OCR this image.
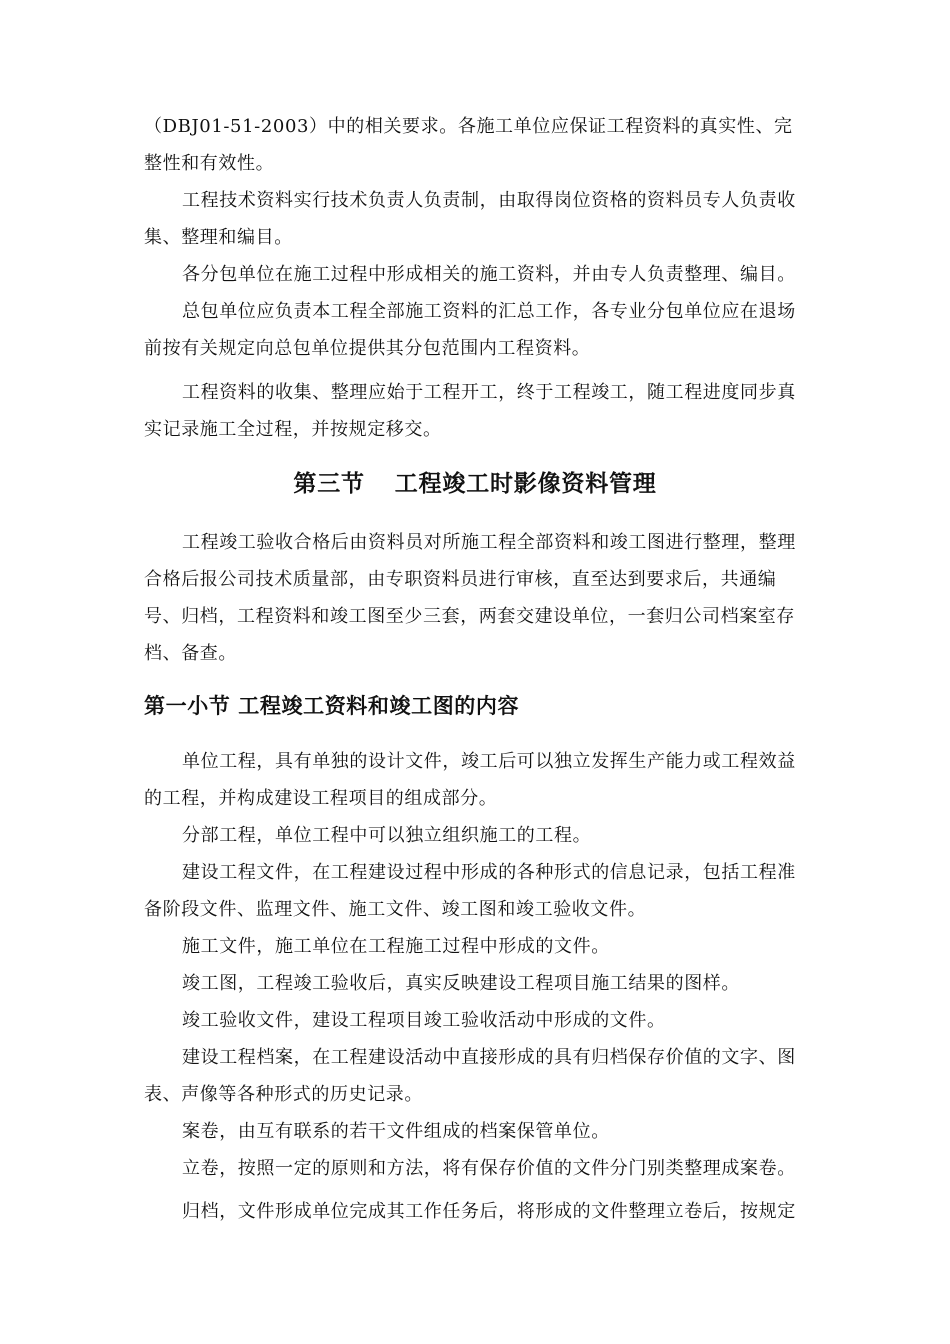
（DBJ01-51-2003）中的相关要求。各施工单位应保证工程资料的真实性、完整性和有效性。

工程技术资料实行技术负责人负责制，由取得岗位资格的资料员专人负责收集、整理和编目。

各分包单位在施工过程中形成相关的施工资料，并由专人负责整理、编目。

总包单位应负责本工程全部施工资料的汇总工作，各专业分包单位应在退场前按有关规定向总包单位提供其分包范围内工程资料。

工程资料的收集、整理应始于工程开工，终于工程竣工，随工程进度同步真实记录施工全过程，并按规定移交。

第三节 工程竣工时影像资料管理

工程竣工验收合格后由资料员对所施工程全部资料和竣工图进行整理，整理合格后报公司技术质量部，由专职资料员进行审核，直至达到要求后，共通编号、归档，工程资料和竣工图至少三套，两套交建设单位，一套归公司档案室存档、备查。

第一小节 工程竣工资料和竣工图的内容

单位工程，具有单独的设计文件，竣工后可以独立发挥生产能力或工程效益的工程，并构成建设工程项目的组成部分。

分部工程，单位工程中可以独立组织施工的工程。

建设工程文件，在工程建设过程中形成的各种形式的信息记录，包括工程准备阶段文件、监理文件、施工文件、竣工图和竣工验收文件。

施工文件，施工单位在工程施工过程中形成的文件。

竣工图，工程竣工验收后，真实反映建设工程项目施工结果的图样。

竣工验收文件，建设工程项目竣工验收活动中形成的文件。

建设工程档案，在工程建设活动中直接形成的具有归档保存价值的文字、图表、声像等各种形式的历史记录。

案卷，由互有联系的若干文件组成的档案保管单位。

立卷，按照一定的原则和方法，将有保存价值的文件分门别类整理成案卷。

归档，文件形成单位完成其工作任务后，将形成的文件整理立卷后，按规定
